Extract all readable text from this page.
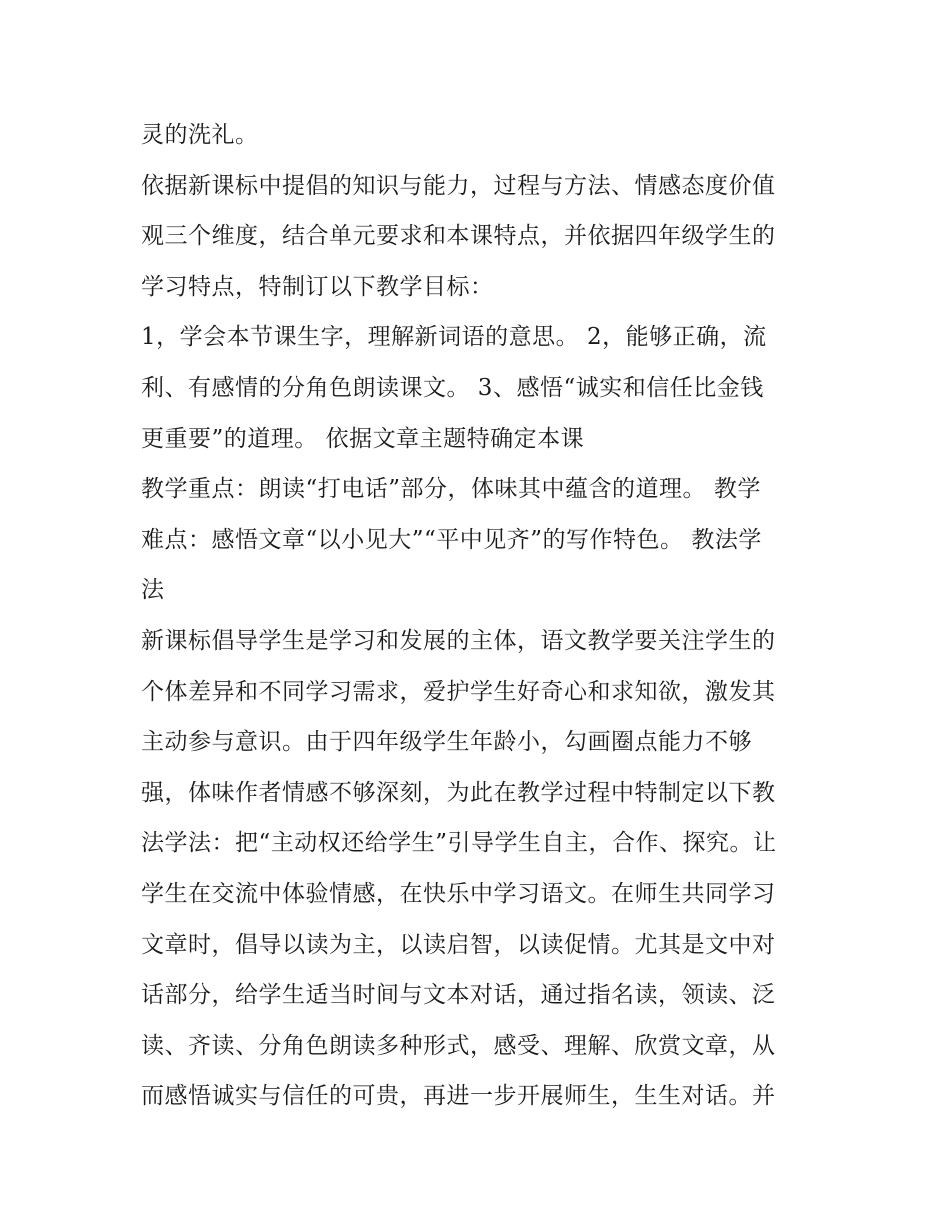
灵的洗礼。
依据新课标中提倡的知识与能力，过程与方法、情感态度价值
观三个维度，结合单元要求和本课特点，并依据四年级学生的
学习特点，特制订以下教学目标：
1，学会本节课生字，理解新词语的意思。 2，能够正确，流
利、有感情的分角色朗读课文。 3、感悟“诚实和信任比金钱
更重要”的道理。 依据文章主题特确定本课
教学重点：朗读“打电话”部分，体味其中蕴含的道理。 教学
难点：感悟文章“以小见大”“平中见齐”的写作特色。 教法学
法
新课标倡导学生是学习和发展的主体，语文教学要关注学生的
个体差异和不同学习需求，爱护学生好奇心和求知欲，激发其
主动参与意识。由于四年级学生年龄小，勾画圈点能力不够
强，体味作者情感不够深刻，为此在教学过程中特制定以下教
法学法：把“主动权还给学生”引导学生自主，合作、探究。让
学生在交流中体验情感，在快乐中学习语文。在师生共同学习
文章时，倡导以读为主，以读启智，以读促情。尤其是文中对
话部分，给学生适当时间与文本对话，通过指名读，领读、泛
读、齐读、分角色朗读多种形式，感受、理解、欣赏文章，从
而感悟诚实与信任的可贵，再进一步开展师生，生生对话。并
